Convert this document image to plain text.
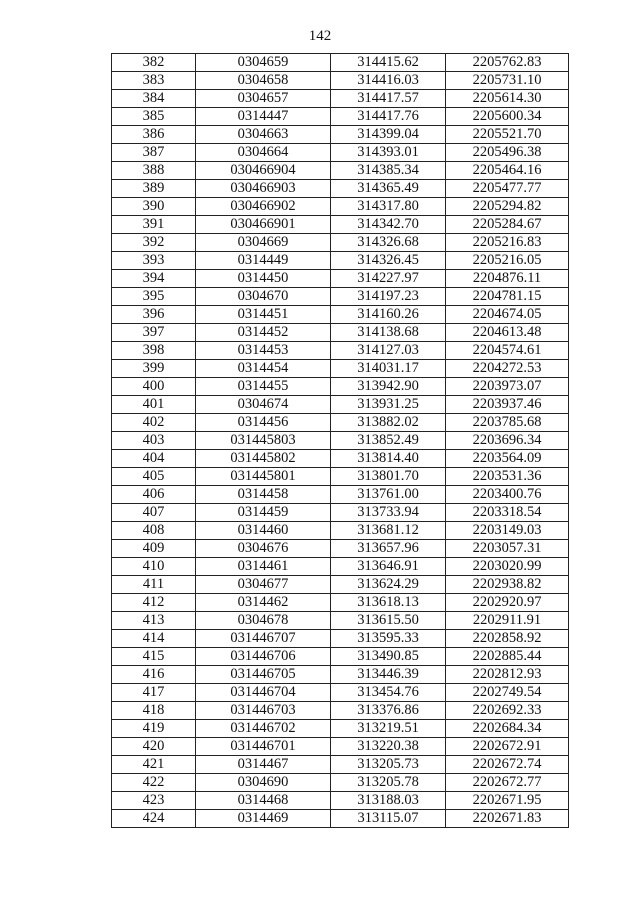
142
382	0304659	314415.62	2205762.83
383	0304658	314416.03	2205731.10
384	0304657	314417.57	2205614.30
385	0314447	314417.76	2205600.34
386	0304663	314399.04	2205521.70
387	0304664	314393.01	2205496.38
388	030466904	314385.34	2205464.16
389	030466903	314365.49	2205477.77
390	030466902	314317.80	2205294.82
391	030466901	314342.70	2205284.67
392	0304669	314326.68	2205216.83
393	0314449	314326.45	2205216.05
394	0314450	314227.97	2204876.11
395	0304670	314197.23	2204781.15
396	0314451	314160.26	2204674.05
397	0314452	314138.68	2204613.48
398	0314453	314127.03	2204574.61
399	0314454	314031.17	2204272.53
400	0314455	313942.90	2203973.07
401	0304674	313931.25	2203937.46
402	0314456	313882.02	2203785.68
403	031445803	313852.49	2203696.34
404	031445802	313814.40	2203564.09
405	031445801	313801.70	2203531.36
406	0314458	313761.00	2203400.76
407	0314459	313733.94	2203318.54
408	0314460	313681.12	2203149.03
409	0304676	313657.96	2203057.31
410	0314461	313646.91	2203020.99
411	0304677	313624.29	2202938.82
412	0314462	313618.13	2202920.97
413	0304678	313615.50	2202911.91
414	031446707	313595.33	2202858.92
415	031446706	313490.85	2202885.44
416	031446705	313446.39	2202812.93
417	031446704	313454.76	2202749.54
418	031446703	313376.86	2202692.33
419	031446702	313219.51	2202684.34
420	031446701	313220.38	2202672.91
421	0314467	313205.73	2202672.74
422	0304690	313205.78	2202672.77
423	0314468	313188.03	2202671.95
424	0314469	313115.07	2202671.83
